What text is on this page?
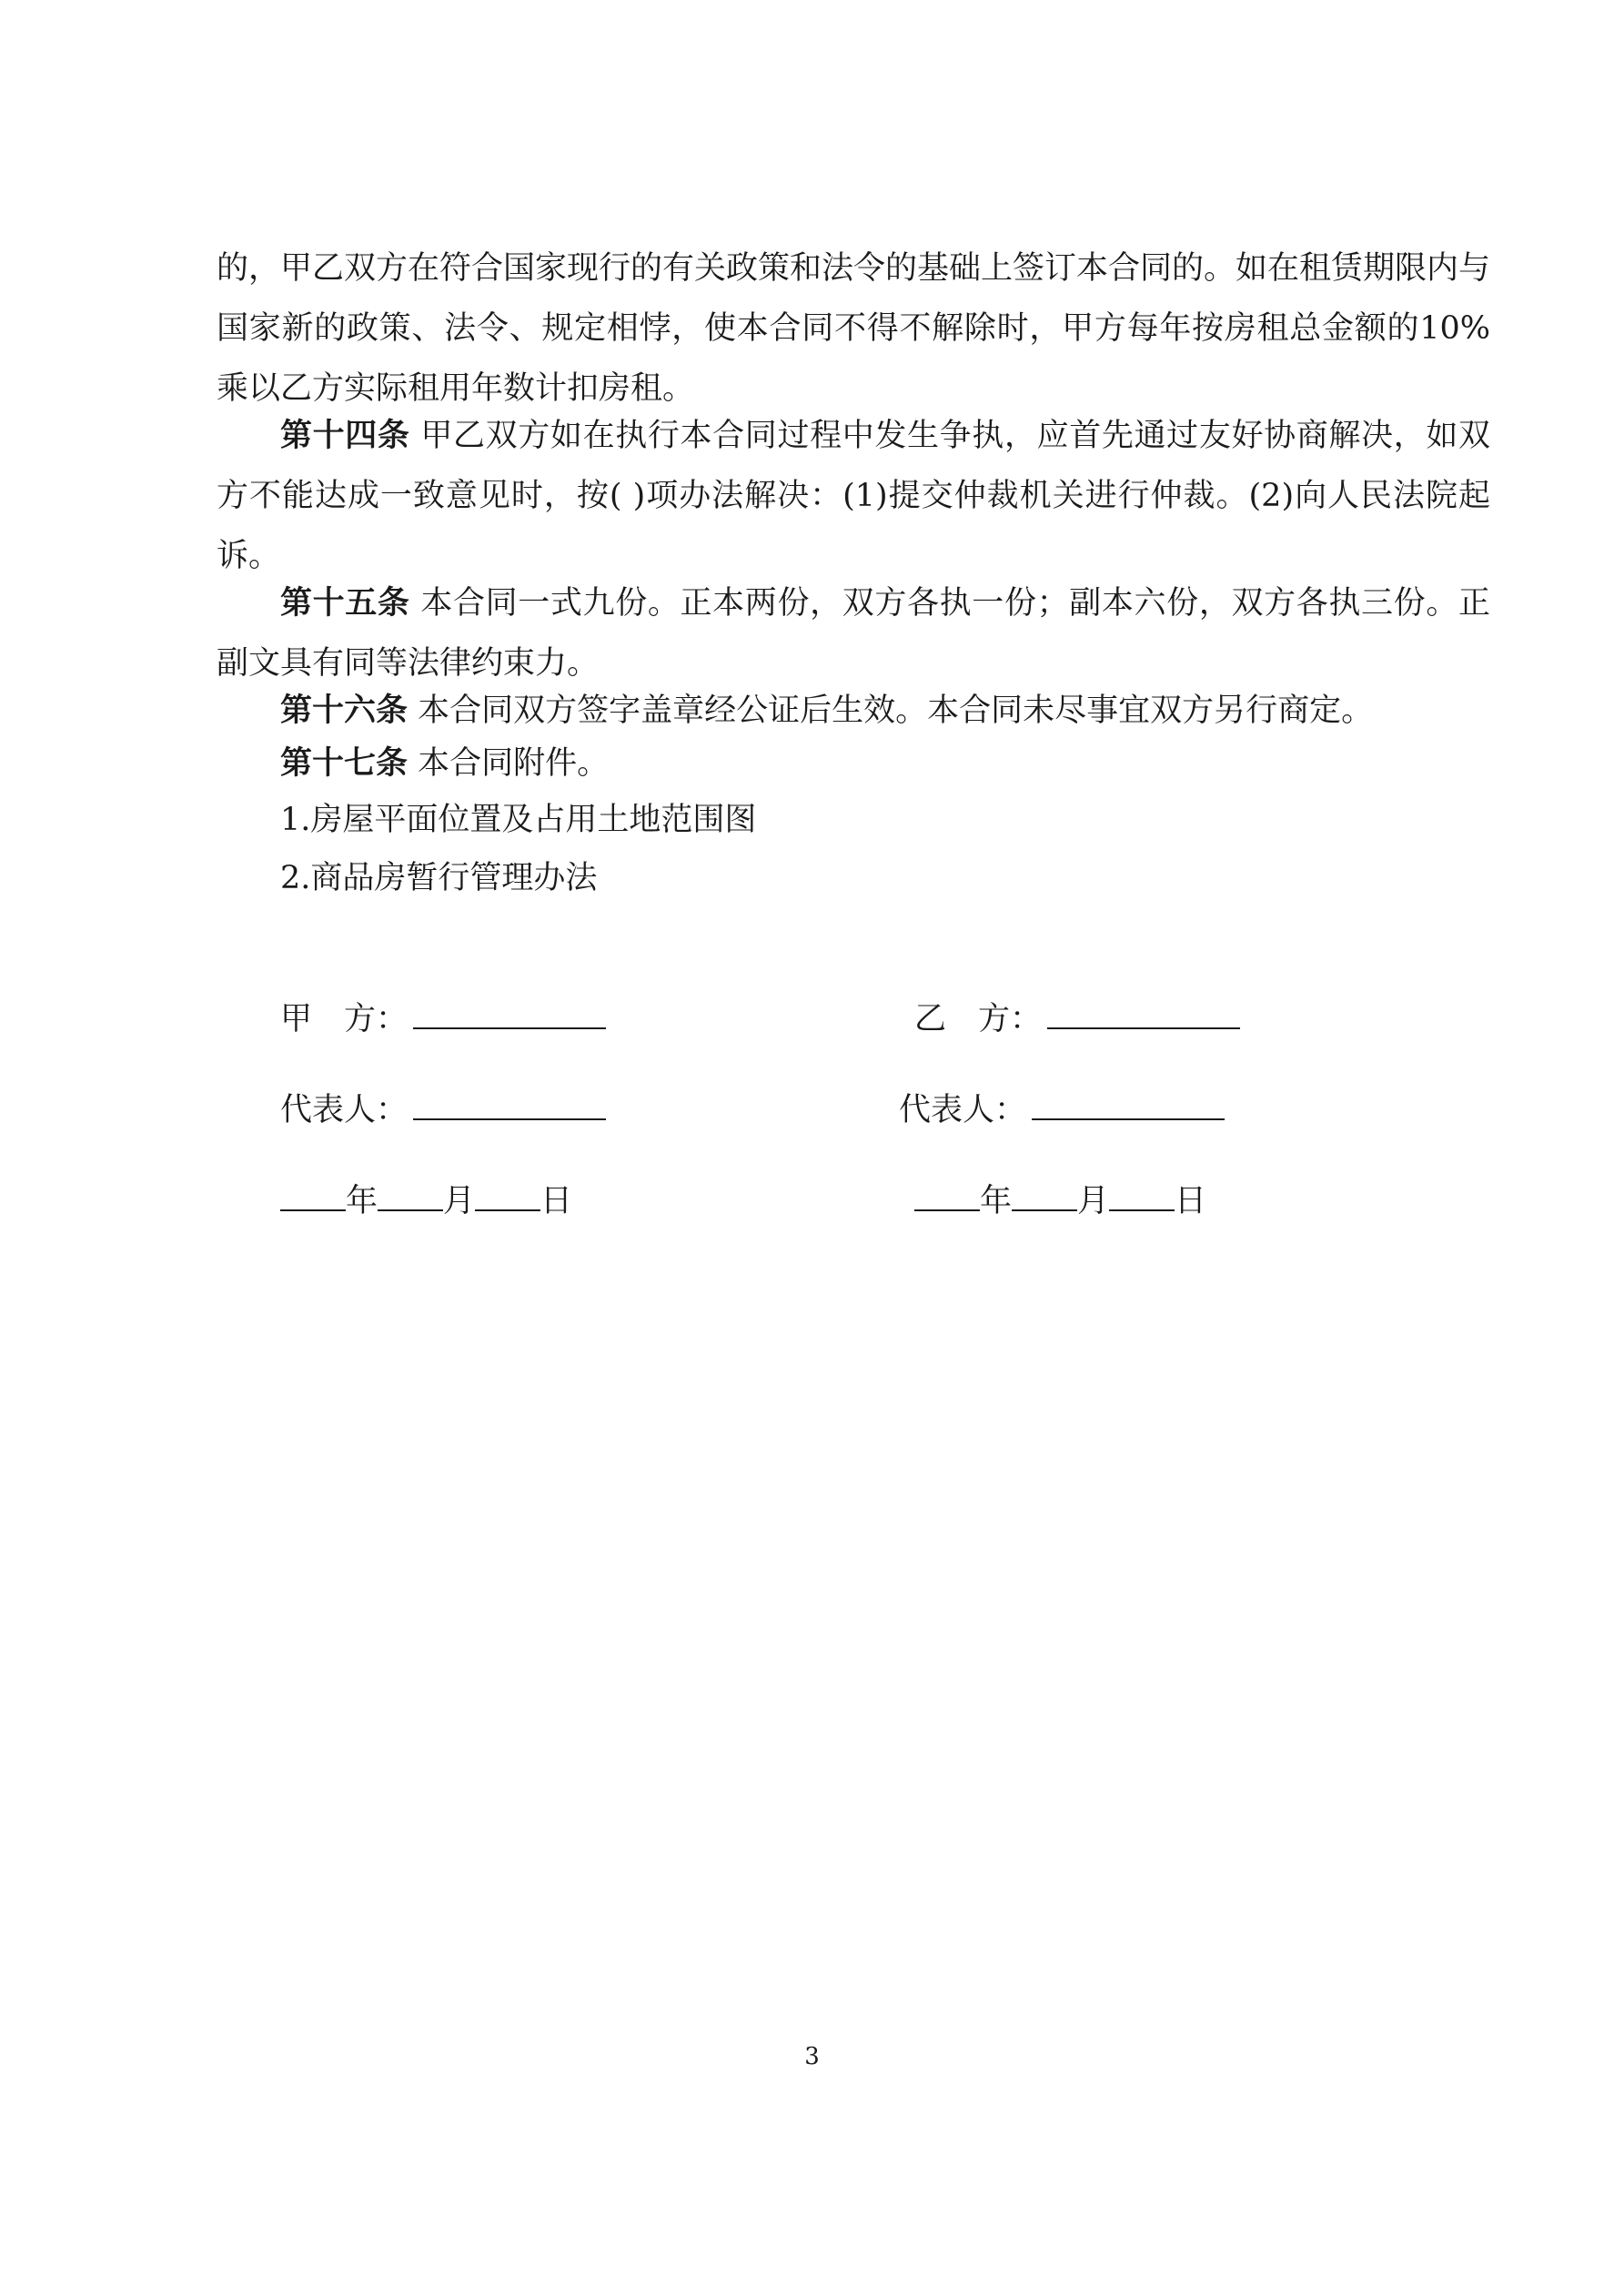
的，甲乙双方在符合国家现行的有关政策和法令的基础上签订本合同的。如在租赁期限内与国家新的政策、法令、规定相悖，使本合同不得不解除时，甲方每年按房租总金额的10%乘以乙方实际租用年数计扣房租。

第十四条 甲乙双方如在执行本合同过程中发生争执，应首先通过友好协商解决，如双方不能达成一致意见时，按( )项办法解决：(1)提交仲裁机关进行仲裁。(2)向人民法院起诉。

第十五条 本合同一式九份。正本两份，双方各执一份；副本六份，双方各执三份。正副文具有同等法律约束力。

第十六条 本合同双方签字盖章经公证后生效。本合同未尽事宜双方另行商定。

第十七条 本合同附件。

1.房屋平面位置及占用土地范围图

2.商品房暂行管理办法

甲　方：
代表人：
年 月 日
乙　方：
代表人：
年 月 日
3
